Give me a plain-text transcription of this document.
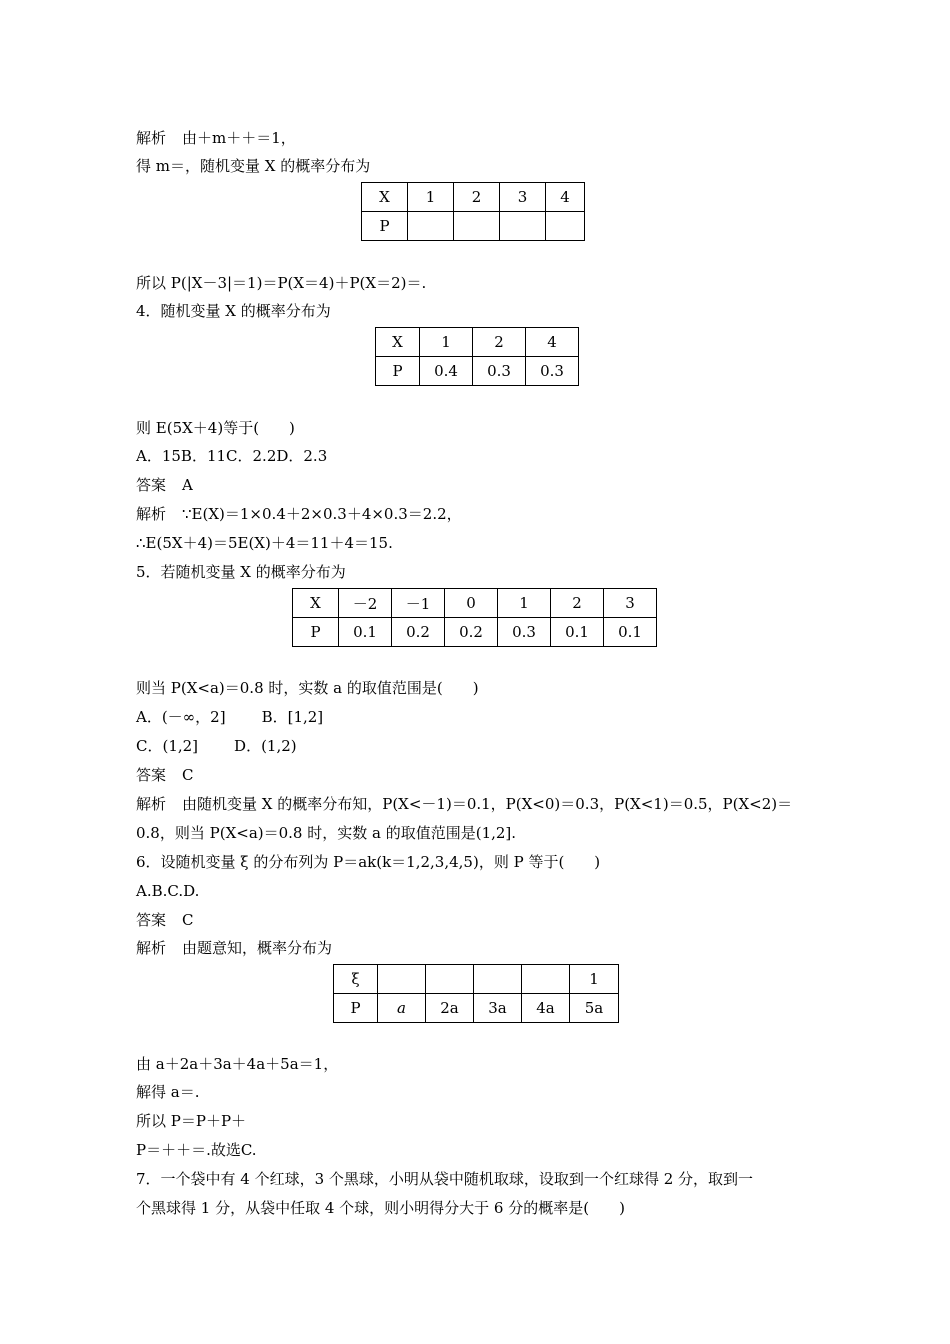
解析 由＋m＋＋＝1，
得 m＝，随机变量 X 的概率分布为
X	1	2	3	4
P				
所以 P(|X－3|＝1)＝P(X＝4)＋P(X＝2)＝.
4．随机变量 X 的概率分布为
X	1	2	4
P	0.4	0.3	0.3
则 E(5X＋4)等于(　　)
A．15B．11C．2.2D．2.3
答案 A
解析 ∵E(X)＝1×0.4＋2×0.3＋4×0.3＝2.2，
∴E(5X＋4)＝5E(X)＋4＝11＋4＝15.
5．若随机变量 X 的概率分布为
X	－2	－1	0	1	2	3
P	0.1	0.2	0.2	0.3	0.1	0.1
则当 P(X<a)＝0.8 时，实数 a 的取值范围是(　　)
A．(－∞，2] B．[1,2]
C．(1,2] D．(1,2)
答案 C
解析 由随机变量 X 的概率分布知，P(X<－1)＝0.1，P(X<0)＝0.3，P(X<1)＝0.5，P(X<2)＝
0.8，则当 P(X<a)＝0.8 时，实数 a 的取值范围是(1,2].
6．设随机变量 ξ 的分布列为 P＝ak(k＝1,2,3,4,5)，则 P 等于(　　)
A.B.C.D.
答案 C
解析 由题意知，概率分布为
ξ					1
P	a	2a	3a	4a	5a
由 a＋2a＋3a＋4a＋5a＝1，
解得 a＝.
所以 P＝P＋P＋
P＝＋＋＝.故选C.
7．一个袋中有 4 个红球，3 个黑球，小明从袋中随机取球，设取到一个红球得 2 分，取到一
个黑球得 1 分，从袋中任取 4 个球，则小明得分大于 6 分的概率是(　　)
